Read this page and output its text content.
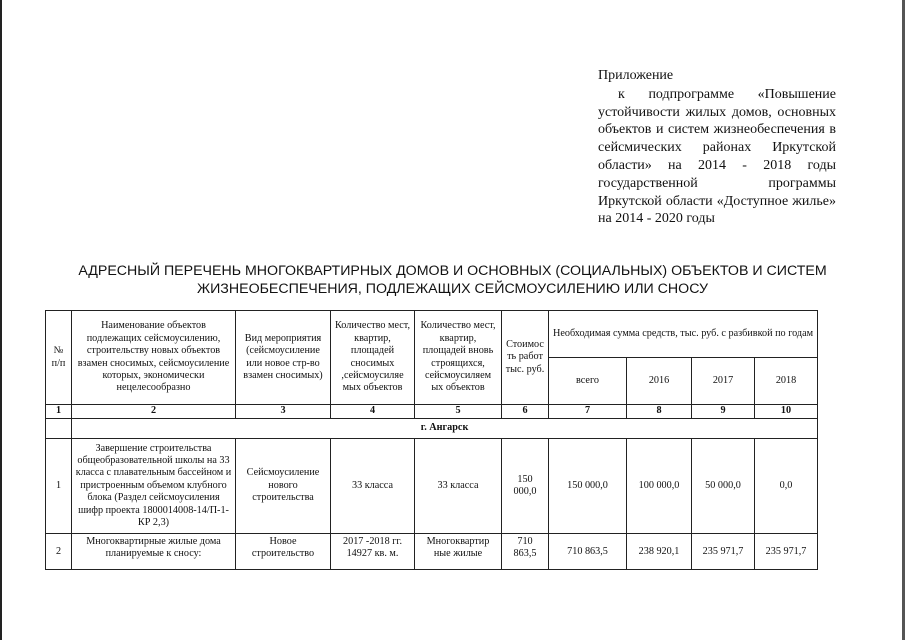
Приложение

к подпрограмме «Повышение устойчивости жилых домов, основных объектов и систем жизнеобеспечения в сейсмических районах Иркутской области» на 2014 - 2018 годы государственной программы Иркутской области «Доступное жилье» на 2014 - 2020 годы

АДРЕСНЫЙ ПЕРЕЧЕНЬ МНОГОКВАРТИРНЫХ ДОМОВ И ОСНОВНЫХ (СОЦИАЛЬНЫХ) ОБЪЕКТОВ И СИСТЕМ
ЖИЗНЕОБЕСПЕЧЕНИЯ, ПОДЛЕЖАЩИХ СЕЙСМОУСИЛЕНИЮ ИЛИ СНОСУ
№ п/п	Наименование объектов подлежащих сейсмоусилению, строительству новых объектов взамен сносимых, сейсмоусиление которых, экономически нецелесообразно	Вид мероприятия (сейсмоусиление или новое стр-во взамен сносимых)	Количество мест, квартир, площадей сносимых ,сейсмоусиляе мых объектов	Количество мест, квартир, площадей вновь строящихся, сейсмоусиляем ых объектов	Стоимос ть работ тыс. руб.	Необходимая сумма средств, тыс. руб. с разбивкой по годам			
						всего	2016	2017	2018
1	2	3	4	5	6	7	8	9	10
	г. Ангарск								
1	Завершение строительства общеобразовательной школы на 33 класса с плавательным бассейном и пристроенным объемом клубного блока (Раздел сейсмоусиления шифр проекта 1800014008-14/П-1-КР 2,3)	Сейсмоусиление нового строительства	33 класса	33 класса	150 000,0	150 000,0	100 000,0	50 000,0	0,0
2	Многоквартирные жилые дома планируемые к сносу:	Новое строительство	2017 -2018 гг. 14927 кв. м.	Многоквартир ные жилые	710 863,5	710 863,5	238 920,1	235 971,7	235 971,7
